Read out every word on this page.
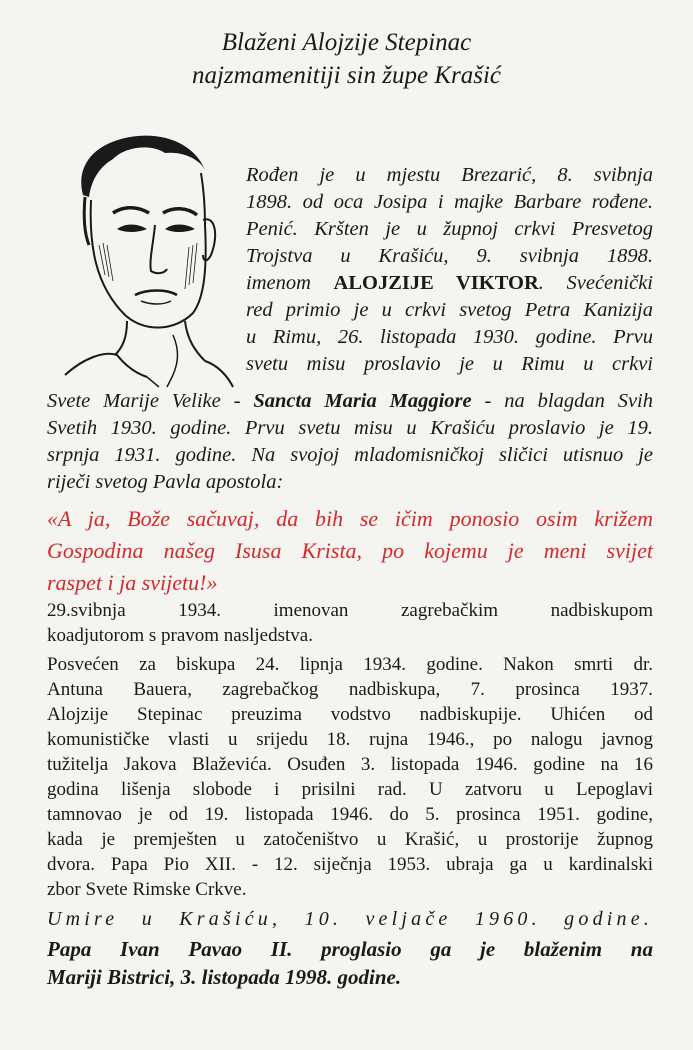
Blaženi Alojzije Stepinac
najzmamenitiji sin župe Krašić
Rođen je u mjestu Brezarić, 8. svibnja
1898. od oca Josipa i majke Barbare rođene.
Penić. Kršten je u župnoj crkvi Presvetog
Trojstva u Krašiću, 9. svibnja 1898.
imenom ALOJZIJE VIKTOR. Svećenički
red primio je u crkvi svetog Petra Kanizija
u Rimu, 26. listopada 1930. godine. Prvu
svetu misu proslavio je u Rimu u crkvi
Svete Marije Velike - Sancta Maria Maggiore - na blagdan Svih
Svetih 1930. godine. Prvu svetu misu u Krašiću proslavio je 19.
srpnja 1931. godine. Na svojoj mladomisničkoj sličici utisnuo je
riječi svetog Pavla apostola:
«A ja, Bože sačuvaj, da bih se ičim ponosio osim križem
Gospodina našeg Isusa Krista, po kojemu je meni svijet
raspet i ja svijetu!»
29.svibnja 1934. imenovan zagrebačkim nadbiskupom
koadjutorom s pravom nasljedstva.
Posvećen za biskupa 24. lipnja 1934. godine. Nakon smrti dr.
Antuna Bauera, zagrebačkog nadbiskupa, 7. prosinca 1937.
Alojzije Stepinac preuzima vodstvo nadbiskupije. Uhićen od
komunističke vlasti u srijedu 18. rujna 1946., po nalogu javnog
tužitelja Jakova Blaževića. Osuđen 3. listopada 1946. godine na 16
godina lišenja slobode i prisilni rad. U zatvoru u Lepoglavi
tamnovao je od 19. listopada 1946. do 5. prosinca 1951. godine,
kada je premješten u zatočeništvo u Krašić, u prostorije župnog
dvora. Papa Pio XII. - 12. siječnja 1953. ubraja ga u kardinalski
zbor Svete Rimske Crkve.
Umire u Krašiću, 10. veljače 1960. godine.
Papa Ivan Pavao II. proglasio ga je blaženim na
Mariji Bistrici, 3. listopada 1998. godine.
